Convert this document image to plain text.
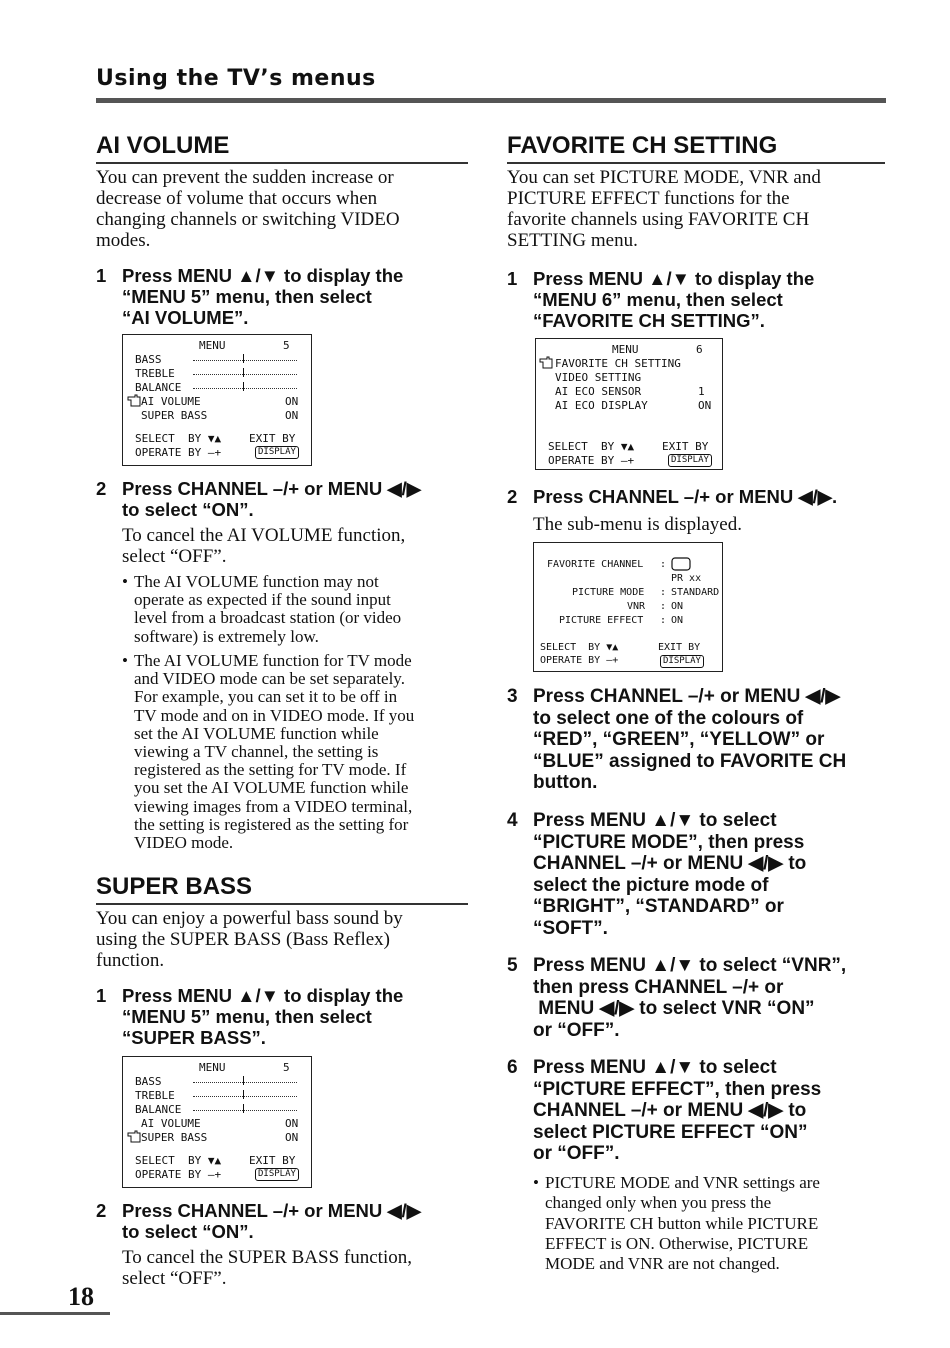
Using the TV’s menus
AI VOLUME
You can prevent the sudden increase or
decrease of volume that occurs when
changing channels or switching VIDEO
modes.
1 Press MENU ▲/▼ to display the
“MENU 5” menu, then select
“AI VOLUME”.
MENU	5
BASS
TREBLE
BALANCE
AI VOLUME	ON
SUPER BASS	ON
SELECT  BY ▼▲	EXIT BY
OPERATE BY —+	DISPLAY
2 Press CHANNEL –/+ or MENU ◀/▶
to select “ON”.
To cancel the AI VOLUME function,
select “OFF”.
• The AI VOLUME function may not
operate as expected if the sound input
level from a broadcast station (or video
software) is extremely low.
• The AI VOLUME function for TV mode
and VIDEO mode can be set separately.
For example, you can set it to be off in
TV mode and on in VIDEO mode. If you
set the AI VOLUME function while
viewing a TV channel, the setting is
registered as the setting for TV mode. If
you set the AI VOLUME function while
viewing images from a VIDEO terminal,
the setting is registered as the setting for
VIDEO mode.
SUPER BASS
You can enjoy a powerful bass sound by
using the SUPER BASS (Bass Reflex)
function.
1 Press MENU ▲/▼ to display the
“MENU 5” menu, then select
“SUPER BASS”.
MENU	5
BASS
TREBLE
BALANCE
AI VOLUME	ON
SUPER BASS	ON
SELECT  BY ▼▲	EXIT BY
OPERATE BY —+	DISPLAY
2 Press CHANNEL –/+ or MENU ◀/▶
to select “ON”.
To cancel the SUPER BASS function,
select “OFF”.
FAVORITE CH SETTING
You can set PICTURE MODE, VNR and
PICTURE EFFECT functions for the
favorite channels using FAVORITE CH
SETTING menu.
1 Press MENU ▲/▼ to display the
“MENU 6” menu, then select
“FAVORITE CH SETTING”.
MENU	6
FAVORITE CH SETTING
VIDEO SETTING
AI ECO SENSOR	1
AI ECO DISPLAY	ON
SELECT  BY ▼▲	EXIT BY
OPERATE BY —+	DISPLAY
2 Press CHANNEL –/+ or MENU ◀/▶.
The sub-menu is displayed.
FAVORITE CHANNEL :
PR xx
PICTURE MODE : STANDARD
VNR : ON
PICTURE EFFECT : ON
SELECT  BY ▼▲	EXIT BY
OPERATE BY —+	DISPLAY
3 Press CHANNEL –/+ or MENU ◀/▶
to select one of the colours of
“RED”, “GREEN”, “YELLOW” or
“BLUE” assigned to FAVORITE CH
button.
4 Press MENU ▲/▼ to select
“PICTURE MODE”, then press
CHANNEL –/+ or MENU ◀/▶ to
select the picture mode of
“BRIGHT”, “STANDARD” or
“SOFT”.
5 Press MENU ▲/▼ to select “VNR”,
then press CHANNEL –/+ or
MENU ◀/▶ to select VNR “ON”
or “OFF”.
6 Press MENU ▲/▼ to select
“PICTURE EFFECT”, then press
CHANNEL –/+ or MENU ◀/▶ to
select PICTURE EFFECT “ON”
or “OFF”.
• PICTURE MODE and VNR settings are
changed only when you press the
FAVORITE CH button while PICTURE
EFFECT is ON. Otherwise, PICTURE
MODE and VNR are not changed.
18
